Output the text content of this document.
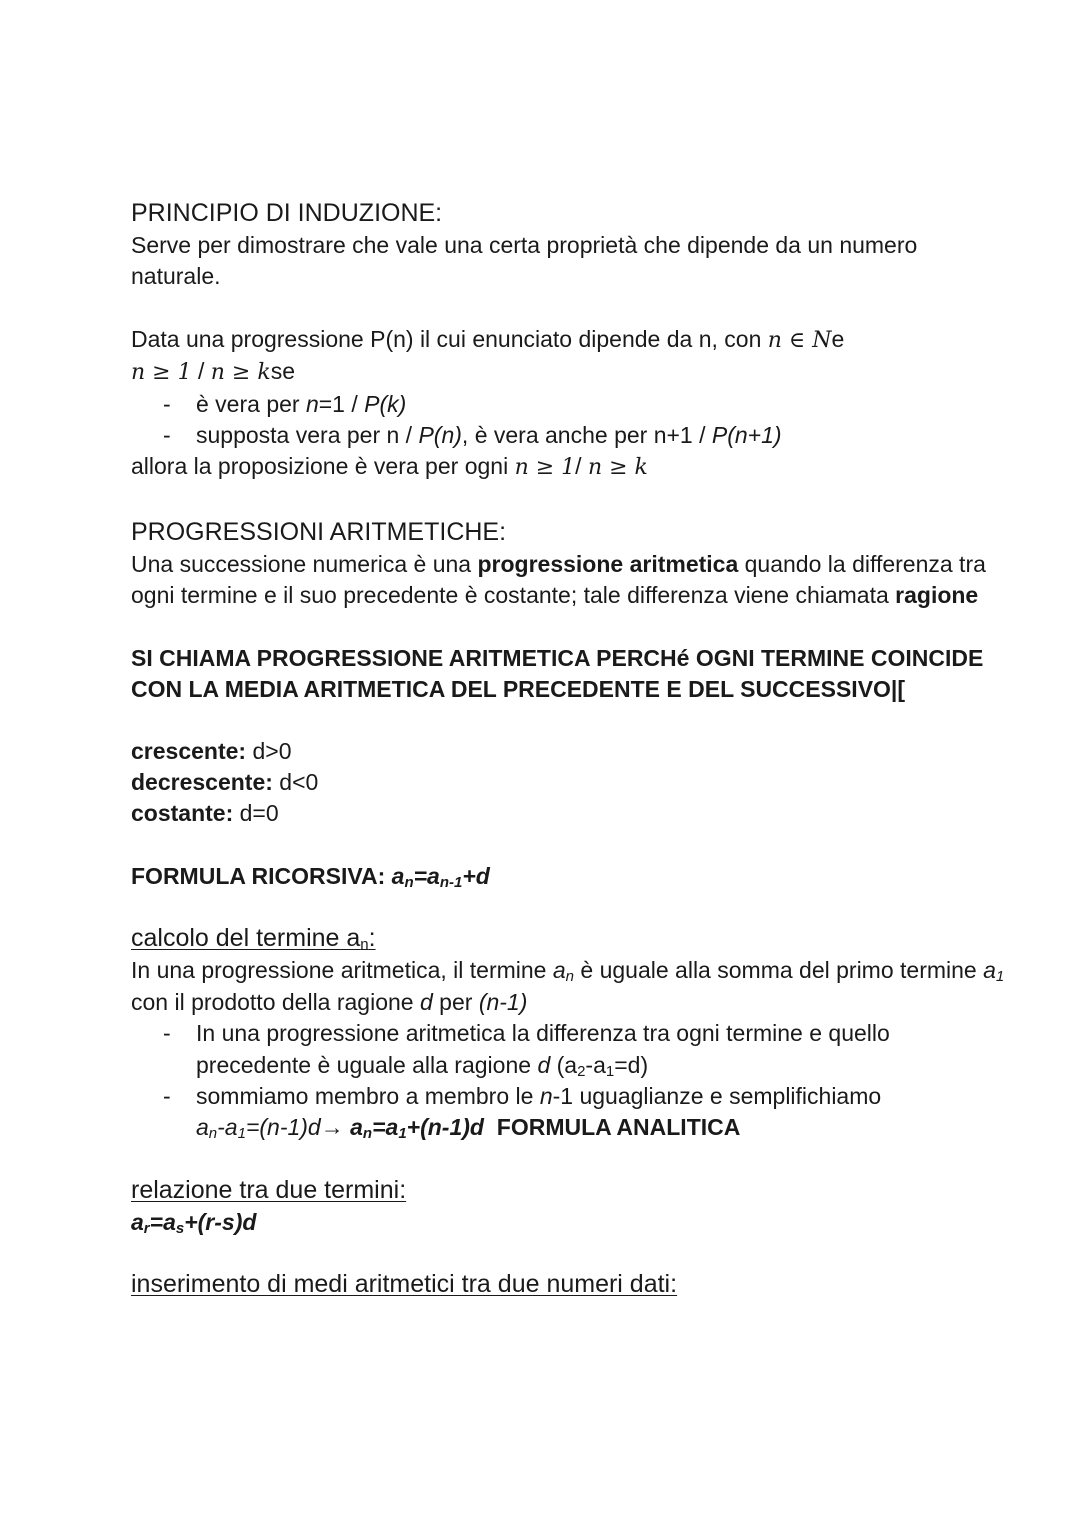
PRINCIPIO DI INDUZIONE:

Serve per dimostrare che vale una certa proprietà che dipende da un numero naturale.

Data una progressione P(n) il cui enunciato dipende da n, con n ∈ Ne

n ≥ 1 / n ≥ kse

- è vera per n=1 / P(k)
- supposta vera per n / P(n), è vera anche per n+1 / P(n+1)

allora la proposizione è vera per ogni n ≥ 1/ n ≥ k

PROGRESSIONI ARITMETICHE:

Una successione numerica è una progressione aritmetica quando la differenza tra ogni termine e il suo precedente è costante; tale differenza viene chiamata ragione

SI CHIAMA PROGRESSIONE ARITMETICA PERCHé OGNI TERMINE COINCIDE CON LA MEDIA ARITMETICA DEL PRECEDENTE E DEL SUCCESSIVO|[

crescente: d>0

decrescente: d<0

costante: d=0

FORMULA RICORSIVA: $a_n=a_{n-1}+d$

calcolo del termine $a_n$:

In una progressione aritmetica, il termine $a_n$ è uguale alla somma del primo termine $a_1$ con il prodotto della ragione d per (n-1)

- In una progressione aritmetica la differenza tra ogni termine e quello precedente è uguale alla ragione d $(a_2-a_1=d)$
- sommiamo membro a membro le n-1 uguaglianze e semplifichiamo
$a_n-a_1=(n-1)d\to a_n=a_1+(n-1)d$  FORMULA ANALITICA

relazione tra due termini:

$a_r=a_s+(r-s)d$

inserimento di medi aritmetici tra due numeri dati:
